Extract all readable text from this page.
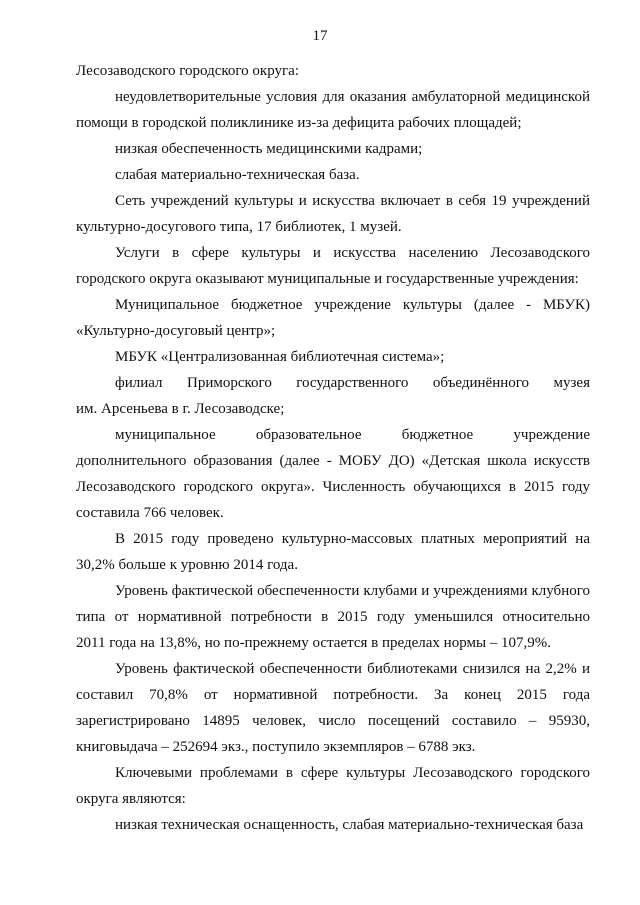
17

Лесозаводского городского округа:

неудовлетворительные условия для оказания амбулаторной медицинской
помощи в городской поликлинике из-за дефицита рабочих площадей;

низкая обеспеченность медицинскими кадрами;

слабая материально-техническая база.

Сеть учреждений культуры и искусства включает в себя 19 учреждений
культурно-досугового типа, 17 библиотек, 1 музей.

Услуги в сфере культуры и искусства населению Лесозаводского
городского округа оказывают муниципальные и государственные учреждения:

Муниципальное бюджетное учреждение культуры (далее - МБУК)
«Культурно-досуговый центр»;

МБУК «Централизованная библиотечная система»;

филиал Приморского государственного объединённого музея
им. Арсеньева в г. Лесозаводске;

муниципальное образовательное бюджетное учреждение
дополнительного образования (далее - МОБУ ДО) «Детская школа искусств
Лесозаводского городского округа». Численность обучающихся в 2015 году
составила 766 человек.

В 2015 году проведено культурно-массовых платных мероприятий на
30,2% больше к уровню 2014 года.

Уровень фактической обеспеченности клубами и учреждениями клубного
типа от нормативной потребности в 2015 году уменьшился относительно
2011 года на 13,8%, но по-прежнему остается в пределах нормы – 107,9%.

Уровень фактической обеспеченности библиотеками снизился на 2,2% и
составил 70,8% от нормативной потребности. За конец 2015 года
зарегистрировано 14895 человек, число посещений составило – 95930,
книговыдача – 252694 экз., поступило экземпляров – 6788 экз.

Ключевыми проблемами в сфере культуры Лесозаводского городского
округа являются:

низкая техническая оснащенность, слабая материально-техническая база
